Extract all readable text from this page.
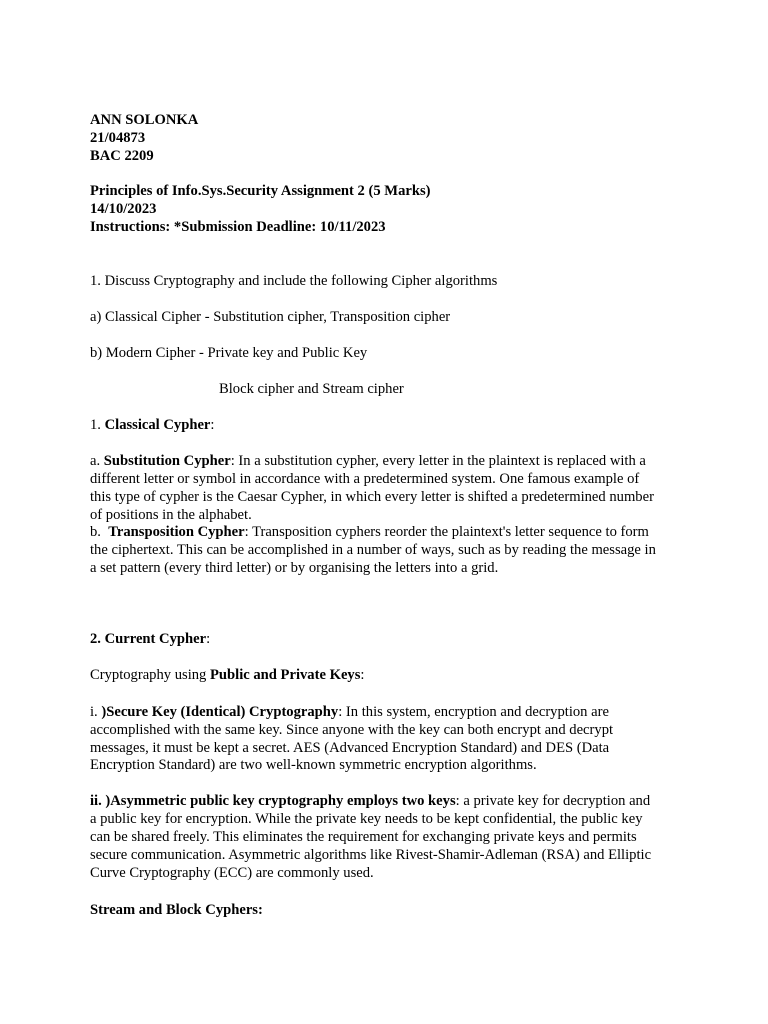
ANN SOLONKA
21/04873
BAC 2209
Principles of Info.Sys.Security Assignment 2 (5 Marks)
14/10/2023
Instructions: *Submission Deadline: 10/11/2023
1. Discuss Cryptography and include the following Cipher algorithms
a) Classical Cipher - Substitution cipher, Transposition cipher
b) Modern Cipher - Private key and Public Key
Block cipher and Stream cipher
1. Classical Cypher:
a. Substitution Cypher: In a substitution cypher, every letter in the plaintext is replaced with a
different letter or symbol in accordance with a predetermined system. One famous example of
this type of cypher is the Caesar Cypher, in which every letter is shifted a predetermined number
of positions in the alphabet.
b.  Transposition Cypher: Transposition cyphers reorder the plaintext's letter sequence to form
the ciphertext. This can be accomplished in a number of ways, such as by reading the message in
a set pattern (every third letter) or by organising the letters into a grid.
2. Current Cypher:
Cryptography using Public and Private Keys:
i. )Secure Key (Identical) Cryptography: In this system, encryption and decryption are
accomplished with the same key. Since anyone with the key can both encrypt and decrypt
messages, it must be kept a secret. AES (Advanced Encryption Standard) and DES (Data
Encryption Standard) are two well-known symmetric encryption algorithms.
ii. )Asymmetric public key cryptography employs two keys: a private key for decryption and
a public key for encryption. While the private key needs to be kept confidential, the public key
can be shared freely. This eliminates the requirement for exchanging private keys and permits
secure communication. Asymmetric algorithms like Rivest-Shamir-Adleman (RSA) and Elliptic
Curve Cryptography (ECC) are commonly used.
Stream and Block Cyphers:
